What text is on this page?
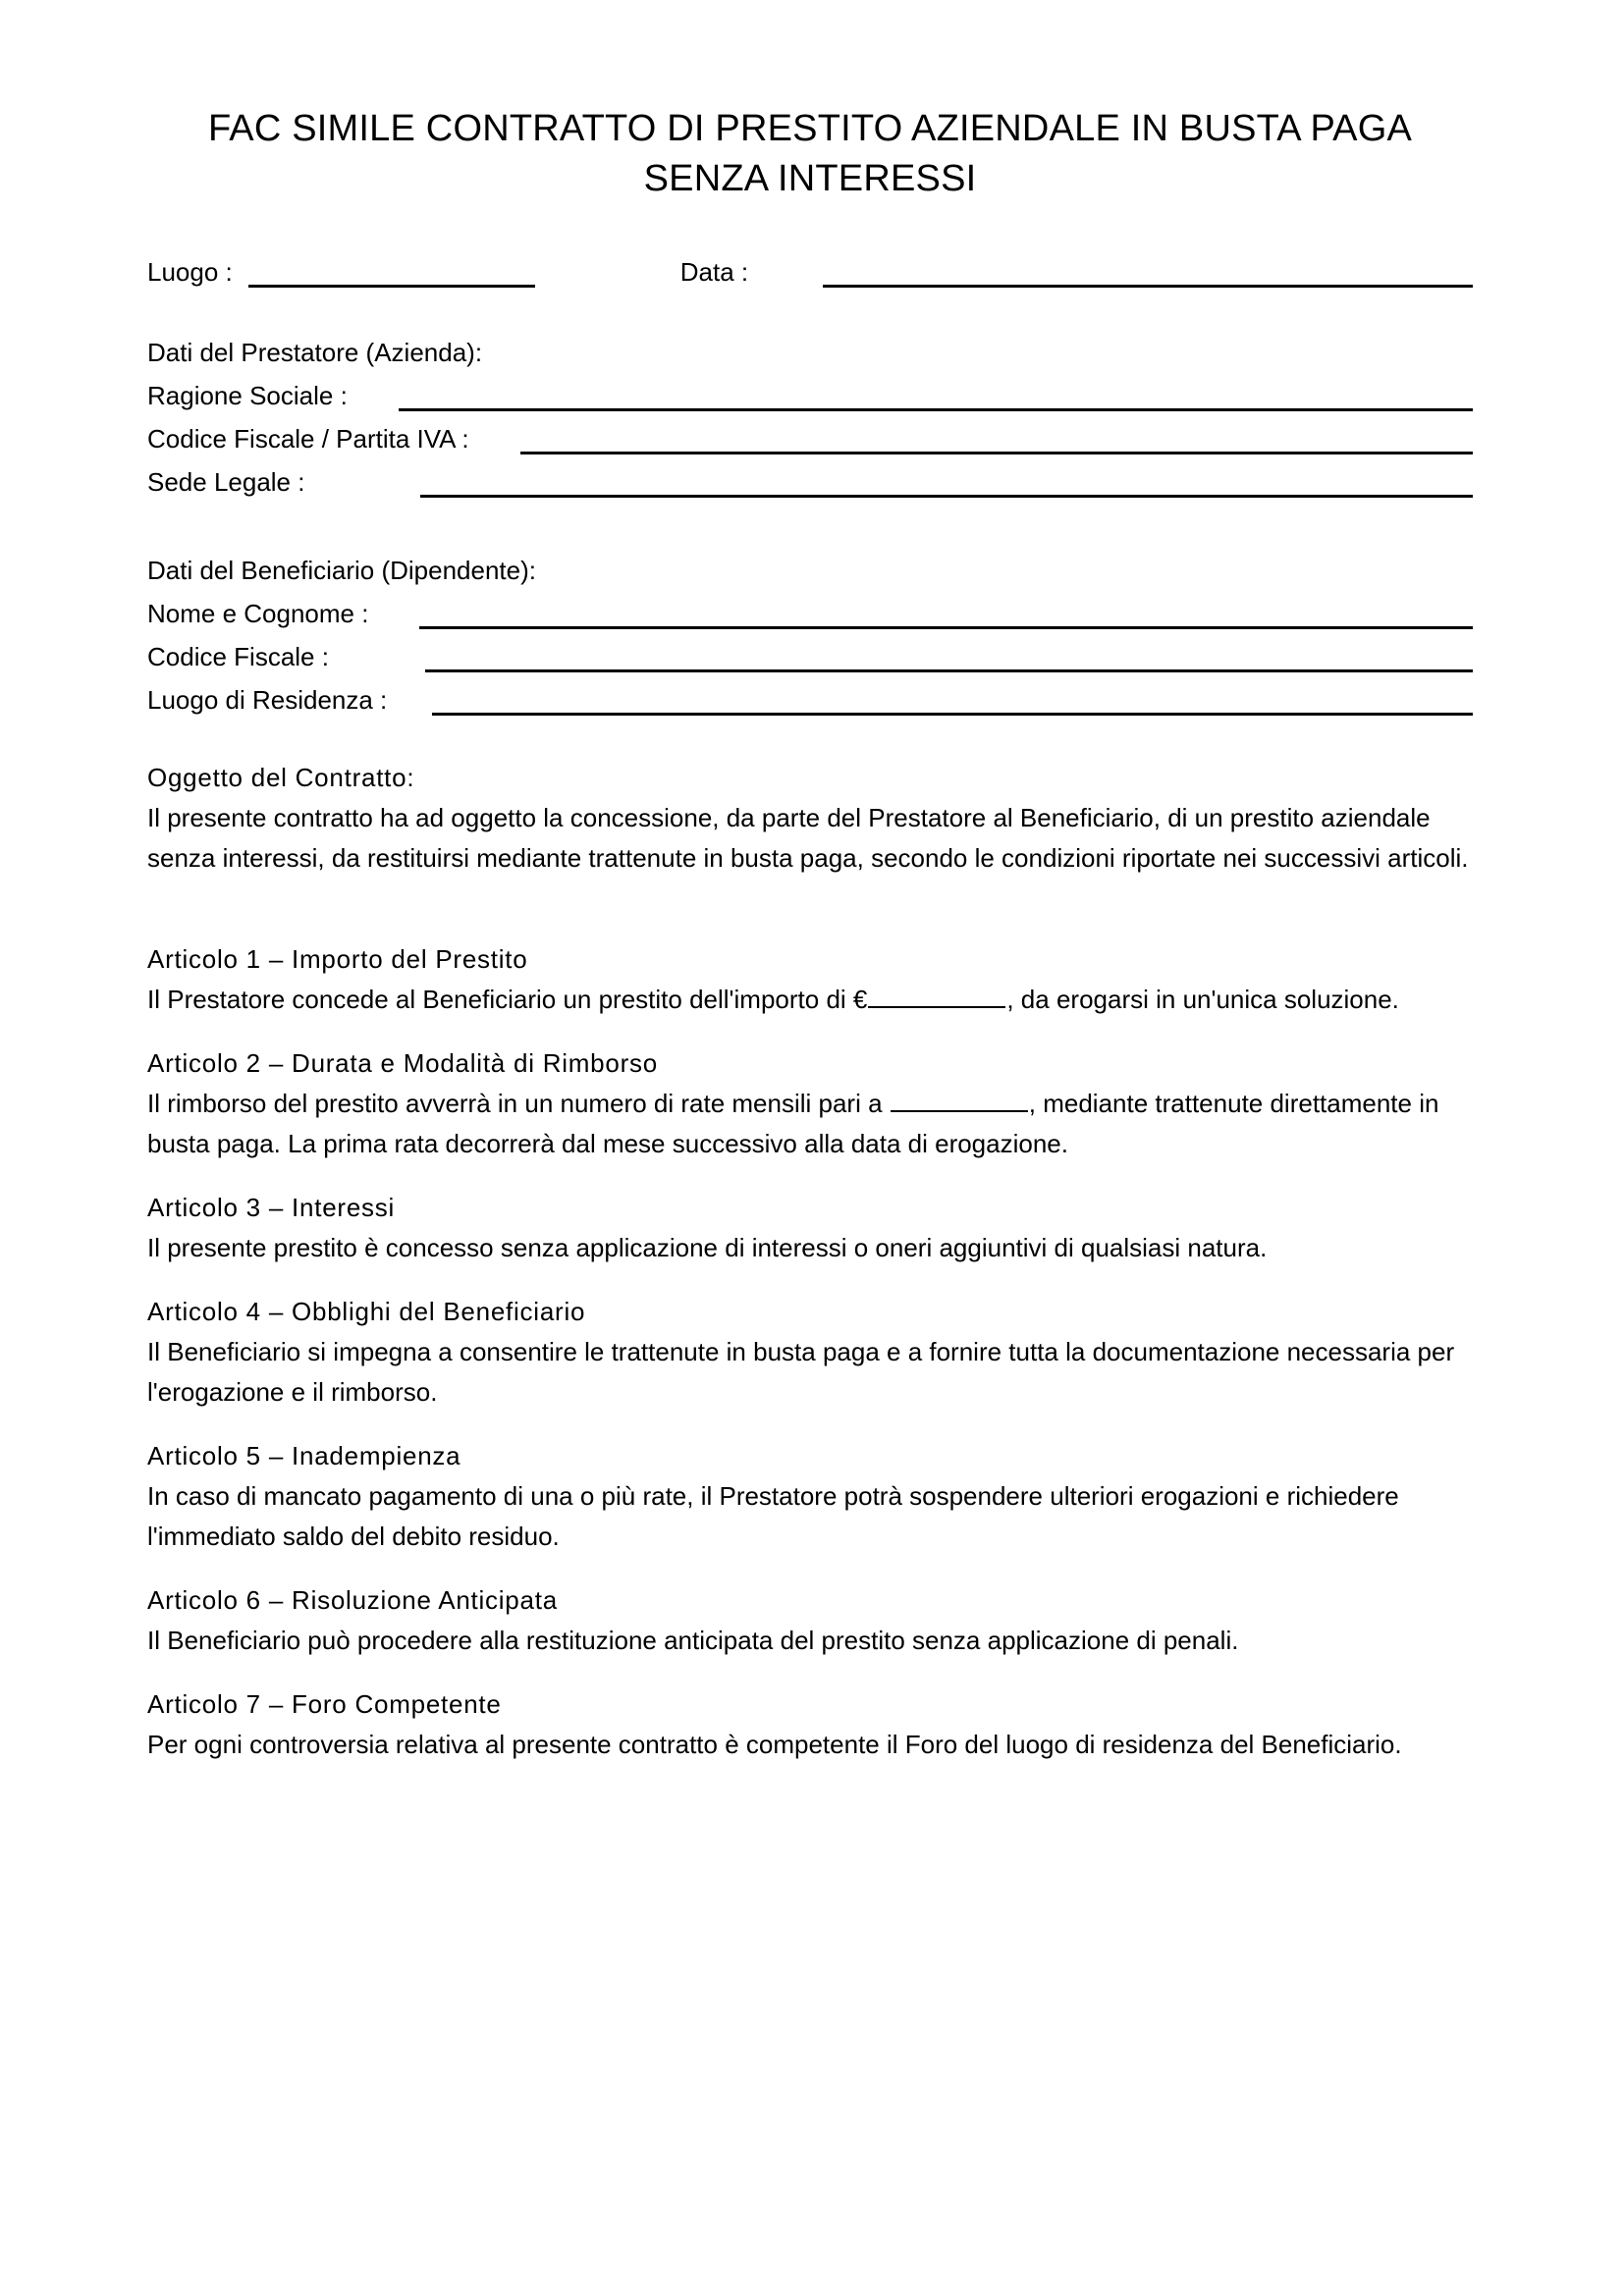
FAC SIMILE CONTRATTO DI PRESTITO AZIENDALE IN BUSTA PAGA
SENZA INTERESSI
Luogo :	Data :
Dati del Prestatore (Azienda):
Ragione Sociale :
Codice Fiscale / Partita IVA :
Sede Legale :
Dati del Beneficiario (Dipendente):
Nome e Cognome :
Codice Fiscale :
Luogo di Residenza :
Oggetto del Contratto:

Il presente contratto ha ad oggetto la concessione, da parte del Prestatore al Beneficiario, di un prestito aziendale senza interessi, da restituirsi mediante trattenute in busta paga, secondo le condizioni riportate nei successivi articoli.

Articolo 1 – Importo del Prestito

Il Prestatore concede al Beneficiario un prestito dell'importo di €	, da erogarsi in un'unica soluzione.

Articolo 2 – Durata e Modalità di Rimborso

Il rimborso del prestito avverrà in un numero di rate mensili pari a	, mediante trattenute direttamente in busta paga. La prima rata decorrerà dal mese successivo alla data di erogazione.

Articolo 3 – Interessi

Il presente prestito è concesso senza applicazione di interessi o oneri aggiuntivi di qualsiasi natura.

Articolo 4 – Obblighi del Beneficiario

Il Beneficiario si impegna a consentire le trattenute in busta paga e a fornire tutta la documentazione necessaria per l'erogazione e il rimborso.

Articolo 5 – Inadempienza

In caso di mancato pagamento di una o più rate, il Prestatore potrà sospendere ulteriori erogazioni e richiedere l'immediato saldo del debito residuo.

Articolo 6 – Risoluzione Anticipata

Il Beneficiario può procedere alla restituzione anticipata del prestito senza applicazione di penali.

Articolo 7 – Foro Competente

Per ogni controversia relativa al presente contratto è competente il Foro del luogo di residenza del Beneficiario.
